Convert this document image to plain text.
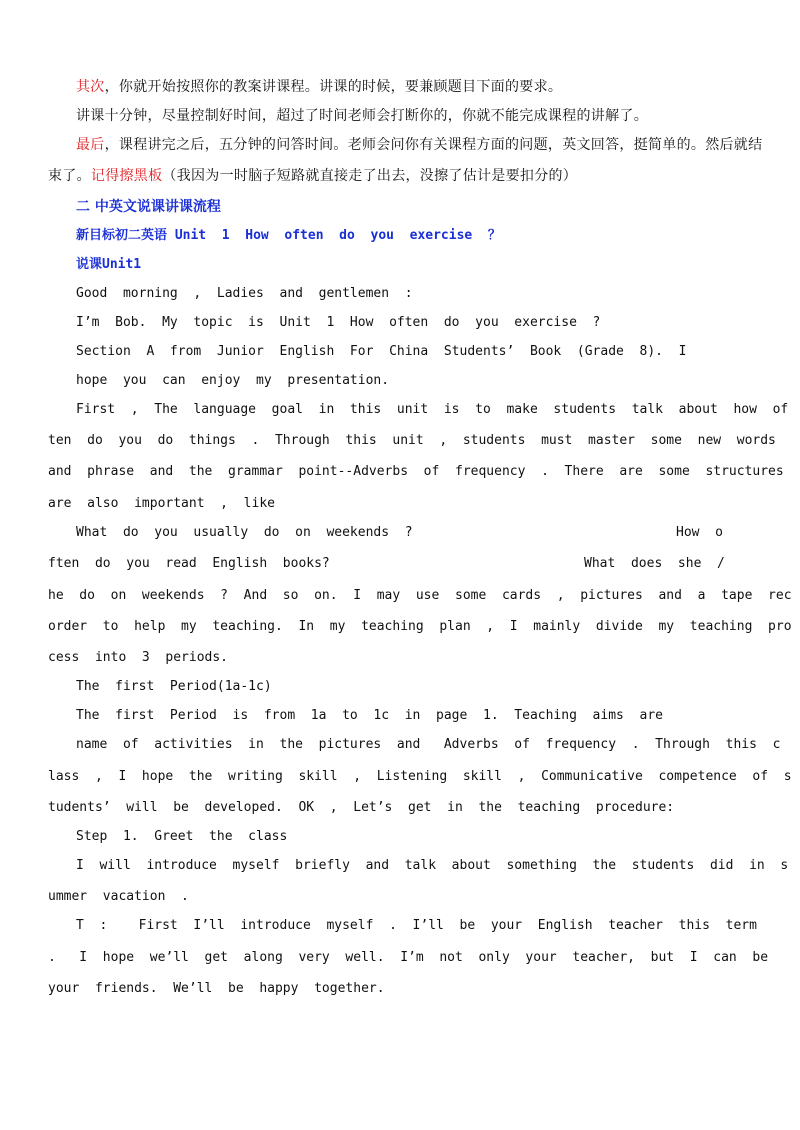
其次，你就开始按照你的教案讲课程。讲课的时候，要兼顾题目下面的要求。

讲课十分钟，尽量控制好时间，超过了时间老师会打断你的，你就不能完成课程的讲解了。

最后，课程讲完之后，五分钟的问答时间。老师会问你有关课程方面的问题，英文回答，挺简单的。然后就结

束了。记得擦黑板（我因为一时脑子短路就直接走了出去，没擦了估计是要扣分的）

二 中英文说课讲课流程

新目标初二英语 Unit  1  How  often  do  you  exercise  ？

说课Unit1

Good  morning  ,  Ladies  and  gentlemen  :

I’m  Bob.  My  topic  is  Unit  1  How  often  do  you  exercise  ?

Section  A  from  Junior  English  For  China  Students’  Book  (Grade  8).  I

hope  you  can  enjoy  my  presentation.

First  ,  The  language  goal  in  this  unit  is  to  make  students  talk  about  how  of

ten  do  you  do  things  .  Through  this  unit  ,  students  must  master  some  new  words

and  phrase  and  the  grammar  point--Adverbs  of  frequency  .  There  are  some  structures

are  also  important  ,  like

What  do  you  usually  do  on  weekends  ?	How  o

ften  do  you  read  English  books?	What  does  she  /

he  do  on  weekends  ?  And  so  on.  I  may  use  some  cards  ,  pictures  and  a  tape  rec

order  to  help  my  teaching.  In  my  teaching  plan  ,  I  mainly  divide  my  teaching  pro

cess  into  3  periods.

The  first  Period(1a-1c)

The  first  Period  is  from  1a  to  1c  in  page  1.  Teaching  aims  are

name  of  activities  in  the  pictures  and   Adverbs  of  frequency  .  Through  this  c

lass  ,  I  hope  the  writing  skill  ,  Listening  skill  ,  Communicative  competence  of  s

tudents’  will  be  developed.  OK  ,  Let’s  get  in  the  teaching  procedure:

Step  1.  Greet  the  class

I  will  introduce  myself  briefly  and  talk  about  something  the  students  did  in  s

ummer  vacation  .

T  :    First  I’ll  introduce  myself  .  I’ll  be  your  English  teacher  this  term

.   I  hope  we’ll  get  along  very  well.  I’m  not  only  your  teacher,  but  I  can  be

your  friends.  We’ll  be  happy  together.
